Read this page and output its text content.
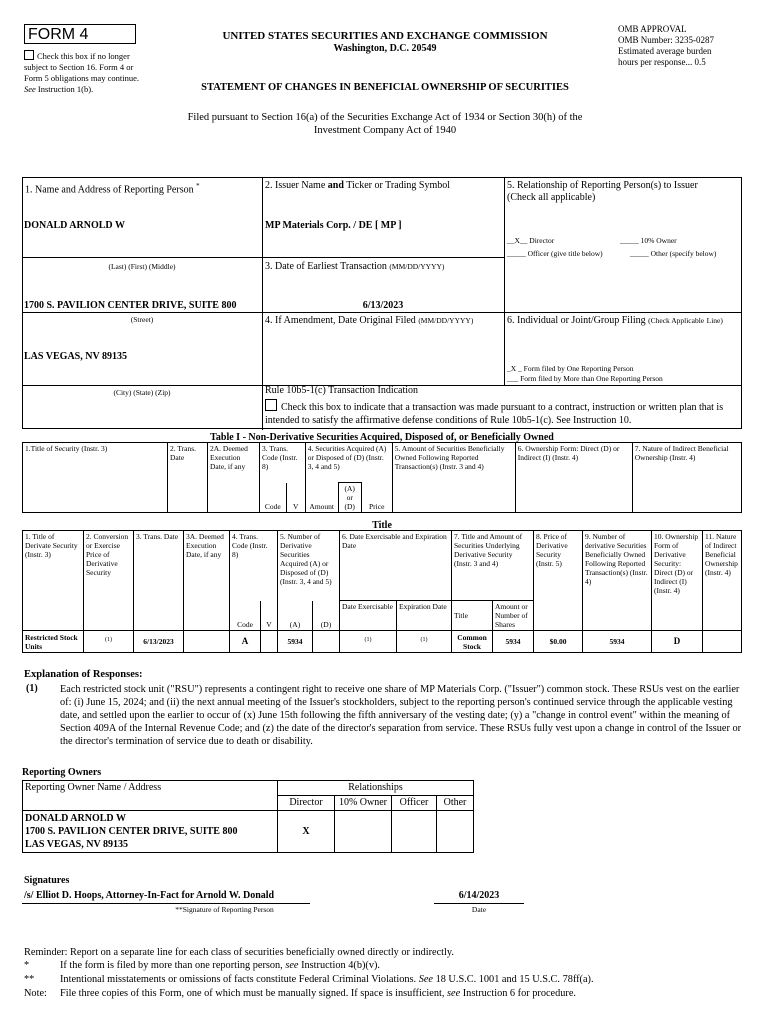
FORM 4
Check this box if no longer subject to Section 16. Form 4 or Form 5 obligations may continue. See Instruction 1(b).
UNITED STATES SECURITIES AND EXCHANGE COMMISSION
Washington, D.C. 20549
STATEMENT OF CHANGES IN BENEFICIAL OWNERSHIP OF SECURITIES
OMB APPROVAL
OMB Number: 3235-0287
Estimated average burden
hours per response... 0.5
Filed pursuant to Section 16(a) of the Securities Exchange Act of 1934 or Section 30(h) of the
Investment Company Act of 1940
1. Name and Address of Reporting Person *
DONALD ARNOLD W
(Last) (First) (Middle)
1700 S. PAVILION CENTER DRIVE, SUITE 800
(Street)
LAS VEGAS, NV 89135
(City) (State) (Zip)
2. Issuer Name and Ticker or Trading Symbol
MP Materials Corp. / DE [ MP ]
3. Date of Earliest Transaction (MM/DD/YYYY)
6/13/2023
4. If Amendment, Date Original Filed (MM/DD/YYYY)
5. Relationship of Reporting Person(s) to Issuer
(Check all applicable)
__X__ Director	_____ 10% Owner
_____ Officer (give title below)	_____ Other (specify below)
6. Individual or Joint/Group Filing (Check Applicable Line)
_X _ Form filed by One Reporting Person
___ Form filed by More than One Reporting Person
Rule 10b5-1(c) Transaction Indication
Check this box to indicate that a transaction was made pursuant to a contract, instruction or written plan that is intended to satisfy the affirmative defense conditions of Rule 10b5-1(c). See Instruction 10.
Table I - Non-Derivative Securities Acquired, Disposed of, or Beneficially Owned
1.Title of Security (Instr. 3)	2. Trans. Date	2A. Deemed Execution Date, if any	3. Trans. Code (Instr. 8)		4. Securities Acquired (A) or Disposed of (D) (Instr. 3, 4 and 5)			5. Amount of Securities Beneficially Owned Following Reported Transaction(s) (Instr. 3 and 4)	6. Ownership Form: Direct (D) or Indirect (I) (Instr. 4)	7. Nature of Indirect Beneficial Ownership (Instr. 4)
			Code	V	Amount	(A) or (D)	Price			
Title
1. Title of Derivate Security (Instr. 3)	2. Conversion or Exercise Price of Derivative Security	3. Trans. Date	3A. Deemed Execution Date, if any	4. Trans. Code (Instr. 8)		5. Number of Derivative Securities Acquired (A) or Disposed of (D) (Instr. 3, 4 and 5)		6. Date Exercisable and Expiration Date		7. Title and Amount of Securities Underlying Derivative Security (Instr. 3 and 4)		8. Price of Derivative Security (Instr. 5)	9. Number of derivative Securities Beneficially Owned Following Reported Transaction(s) (Instr. 4)	10. Ownership Form of Derivative Security: Direct (D) or Indirect (I) (Instr. 4)	11. Nature of Indirect Beneficial Ownership (Instr. 4)
				Code	V	(A)	(D)	Date Exercisable	Expiration Date	Title	Amount or Number of Shares				
Restricted Stock Units	$^{(1)}$	6/13/2023		A		5934		$^{(1)}$	$^{(1)}$	Common Stock	5934	$0.00	5934	D	
Explanation of Responses:
(1) Each restricted stock unit ("RSU") represents a contingent right to receive one share of MP Materials Corp. ("Issuer") common stock. These RSUs vest on the earlier of: (i) June 15, 2024; and (ii) the next annual meeting of the Issuer's stockholders, subject to the reporting person's continued service through the applicable vesting date, and settled upon the earlier to occur of (x) June 15th following the fifth anniversary of the vesting date; (y) a "change in control event" within the meaning of Section 409A of the Internal Revenue Code; and (z) the date of the director's separation from service. These RSUs fully vest upon a change in control of the Issuer or the director's termination of service due to death or disability.
Reporting Owners
Reporting Owner Name / Address	Relationships			
	Director	10% Owner	Officer	Other

DONALD ARNOLD W
1700 S. PAVILION CENTER DRIVE, SUITE 800
LAS VEGAS, NV 89135	X			
Signatures
/s/ Elliot D. Hoops, Attorney-In-Fact for Arnold W. Donald
**Signature of Reporting Person
6/14/2023
Date
Reminder: Report on a separate line for each class of securities beneficially owned directly or indirectly.
*	If the form is filed by more than one reporting person, see Instruction 4(b)(v).
** Intentional misstatements or omissions of facts constitute Federal Criminal Violations. See 18 U.S.C. 1001 and 15 U.S.C. 78ff(a).
Note: File three copies of this Form, one of which must be manually signed. If space is insufficient, see Instruction 6 for procedure.
